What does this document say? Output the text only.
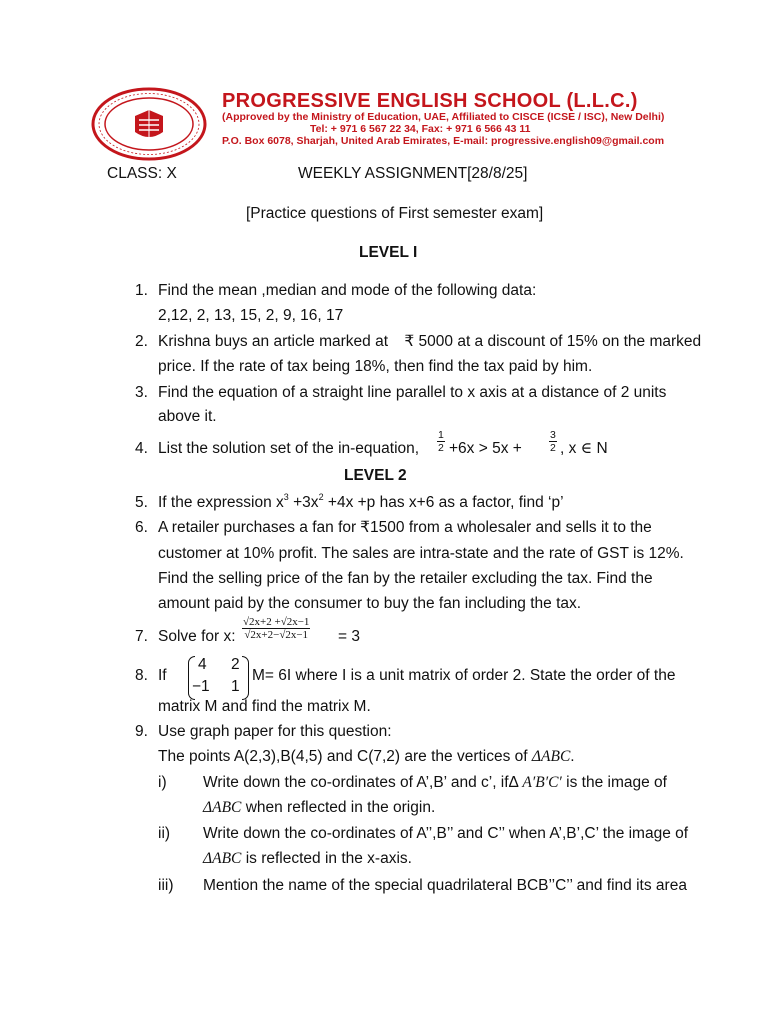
PROGRESSIVE ENGLISH SCHOOL (L.L.C.)
(Approved by the Ministry of Education, UAE, Affiliated to CISCE (ICSE / ISC), New Delhi)
Tel: + 971 6 567 22 34, Fax: + 971 6 566 43 11
P.O. Box 6078, Sharjah, United Arab Emirates, E-mail: progressive.english09@gmail.com
CLASS: X	WEEKLY ASSIGNMENT[28/8/25]
[Practice questions of First semester exam]
LEVEL I
1. Find the mean ,median and mode of the following data:
2,12, 2, 13, 15, 2, 9, 16, 17
2. Krishna buys an article marked at ₹ 5000 at a discount of 15% on the marked
price. If the rate of tax being 18%, then find the tax paid by him.
3. Find the equation of a straight line parallel to x axis at a distance of 2 units
above it.
4. List the solution set of the in-equation, $\frac{1}{2} +6x > 5x$ +	$\frac{3}{2}$ , x ∈ N
LEVEL 2
5. If the expression $x^3 +3x^2 +4x +p$ has x+6 as a factor, find ‘p’
6. A retailer purchases a fan for ₹1500 from a wholesaler and sells it to the
customer at 10% profit. The sales are intra-state and the rate of GST is 12%.
Find the selling price of the fan by the retailer excluding the tax. Find the
amount paid by the consumer to buy the fan including the tax.
7. Solve for x: $\frac{√2x+2 +√2x-1}{√2x+2-√2x-1} = 3$
8. If
4 2
−1 1
M= 6I where I is a unit matrix of order 2. State the order of the
matrix M and find the matrix M.
9. Use graph paper for this question:
The points A(2,3),B(4,5) and C(7,2) are the vertices of ΔABC.
i) Write down the co-ordinates of A’,B’ and c’, ifΔ A′B′C′ is the image of
ΔABC when reflected in the origin.
ii) Write down the co-ordinates of A’’,B’’ and C’’ when A’,B’,C’ the image of
ΔABC is reflected in the x-axis.
iii) Mention the name of the special quadrilateral BCB’’C’’ and find its area
